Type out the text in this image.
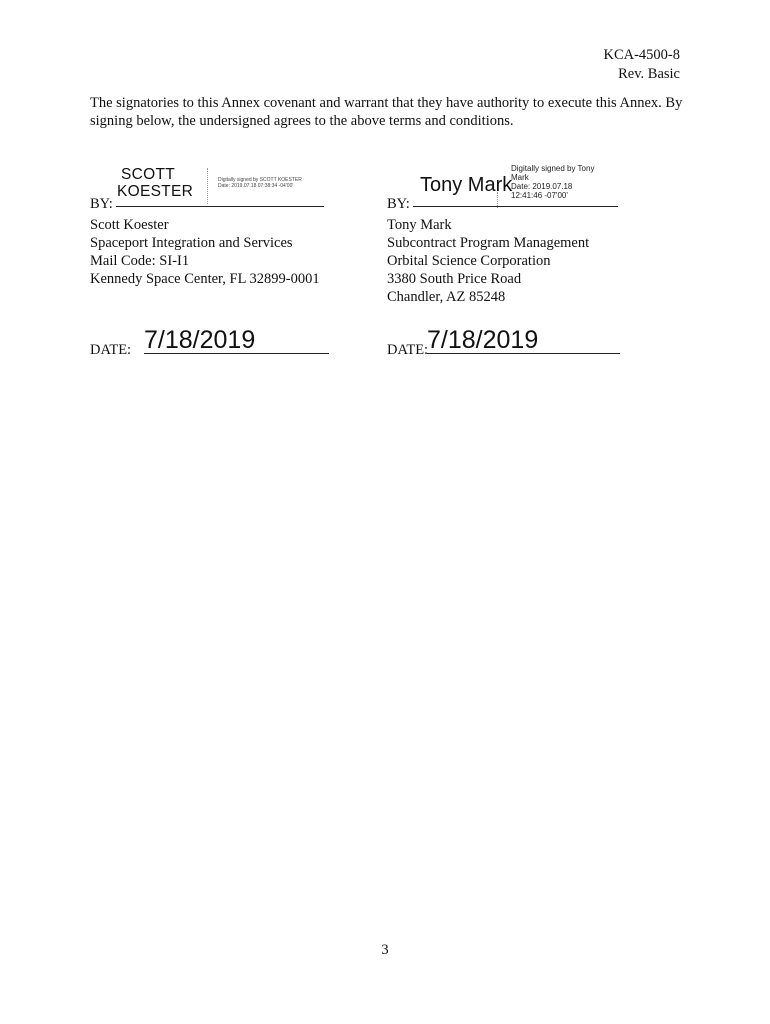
KCA-4500-8
Rev. Basic
The signatories to this Annex covenant and warrant that they have authority to execute this Annex. By signing below, the undersigned agrees to the above terms and conditions.
SCOTT
KOESTER
Digitally signed by SCOTT KOESTER
Date: 2019.07.18 07:38:34 -04'00'
BY:
Scott Koester
Spaceport Integration and Services
Mail Code: SI-I1
Kennedy Space Center, FL 32899-0001
Tony Mark
Digitally signed by Tony
Mark
Date: 2019.07.18
12:41:46 -07'00'
BY:
Tony Mark
Subcontract Program Management
Orbital Science Corporation
3380 South Price Road
Chandler, AZ 85248
DATE: 7/18/2019	DATE:
7/18/2019
3
